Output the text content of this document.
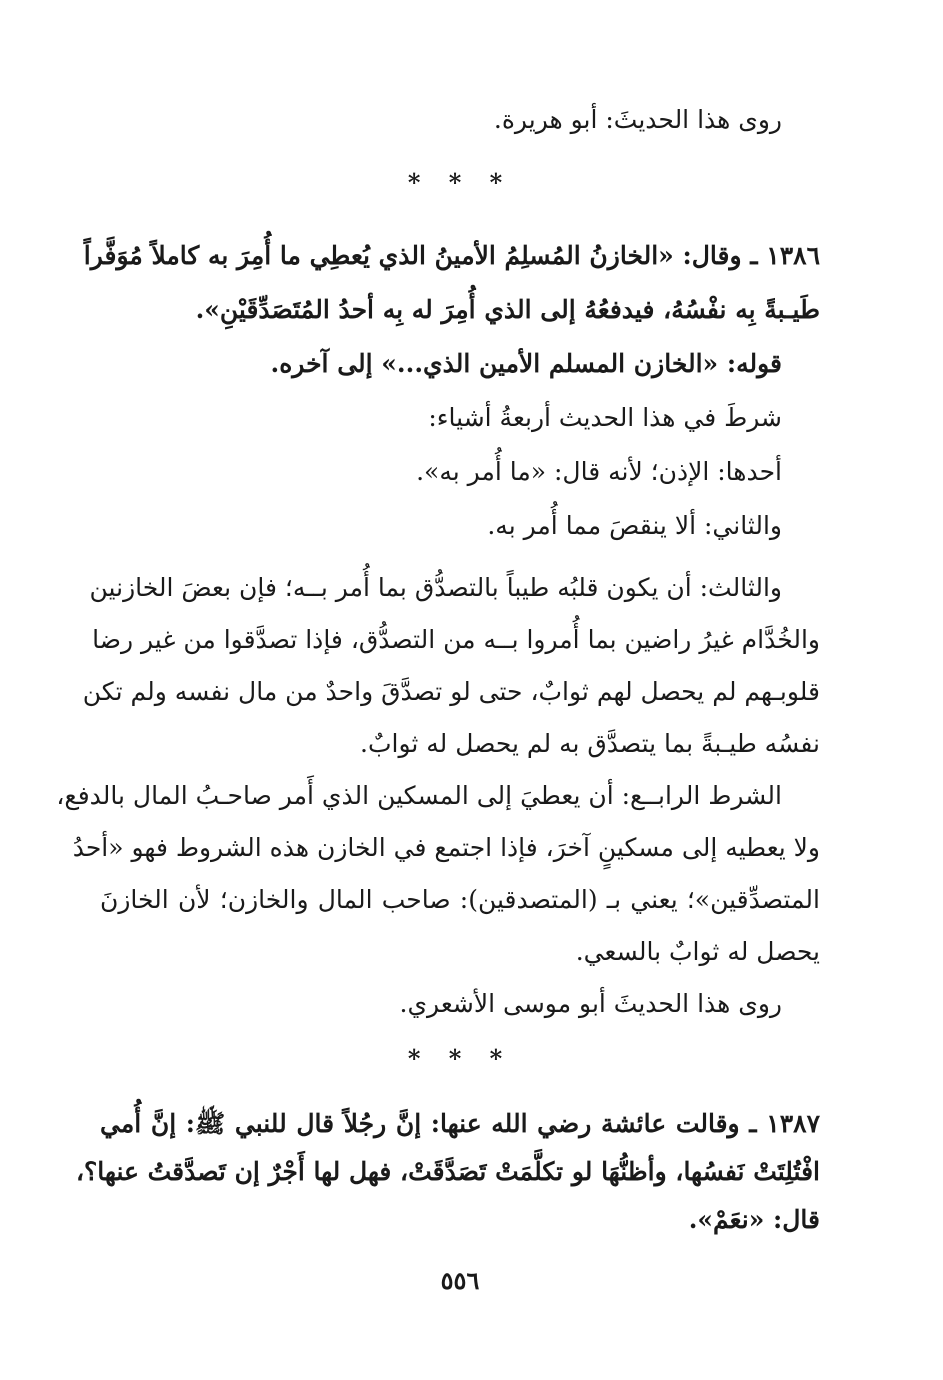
روى هذا الحديثَ: أبو هريرة.
* * *
١٣٨٦ ـ وقال: «الخازنُ المُسلِمُ الأمينُ الذي يُعطِي ما أُمِرَ به كاملاً مُوَفَّراً
طَيـبةً بِه نفْسُهُ، فيدفعُهُ إلى الذي أُمِرَ له بِه أحدُ المُتَصَدِّقَيْنِ».
قوله: «الخازن المسلم الأمين الذي...» إلى آخره.
شرطَ في هذا الحديث أربعةُ أشياء:
أحدها: الإذن؛ لأنه قال: «ما أُمر به».
والثاني: ألا ينقصَ مما أُمر به.
والثالث: أن يكون قلبُه طيباً بالتصدُّق بما أُمر بــه؛ فإن بعضَ الخازنين
والخُدَّام غيرُ راضين بما أُمروا بــه من التصدُّق، فإذا تصدَّقوا من غير رضا
قلوبـهم لم يحصل لهم ثوابٌ، حتى لو تصدَّقَ واحدٌ من مال نفسه ولم تكن
نفسُه طيـبةً بما يتصدَّق به لم يحصل له ثوابٌ.
الشرط الرابــع: أن يعطيَ إلى المسكين الذي أَمر صاحـبُ المال بالدفع،
ولا يعطيه إلى مسكينٍ آخرَ، فإذا اجتمع في الخازن هذه الشروط فهو «أحدُ
المتصدِّقين»؛ يعني بـ (المتصدقين): صاحب المال والخازن؛ لأن الخازنَ
يحصل له ثوابٌ بالسعي.
روى هذا الحديثَ أبو موسى الأشعري.
* * *
١٣٨٧ ـ وقالت عائشة رضي الله عنها: إنَّ رجُلاً قال للنبي ﷺ: إنَّ أُمي
افْتُلِتَتْ نَفسُها، وأظنُّهَا لو تكلَّمَتْ تَصَدَّقَتْ، فهل لها أَجْرٌ إن تَصدَّقتُ عنها؟،
قال: «نعَمْ».
٥٥٦
